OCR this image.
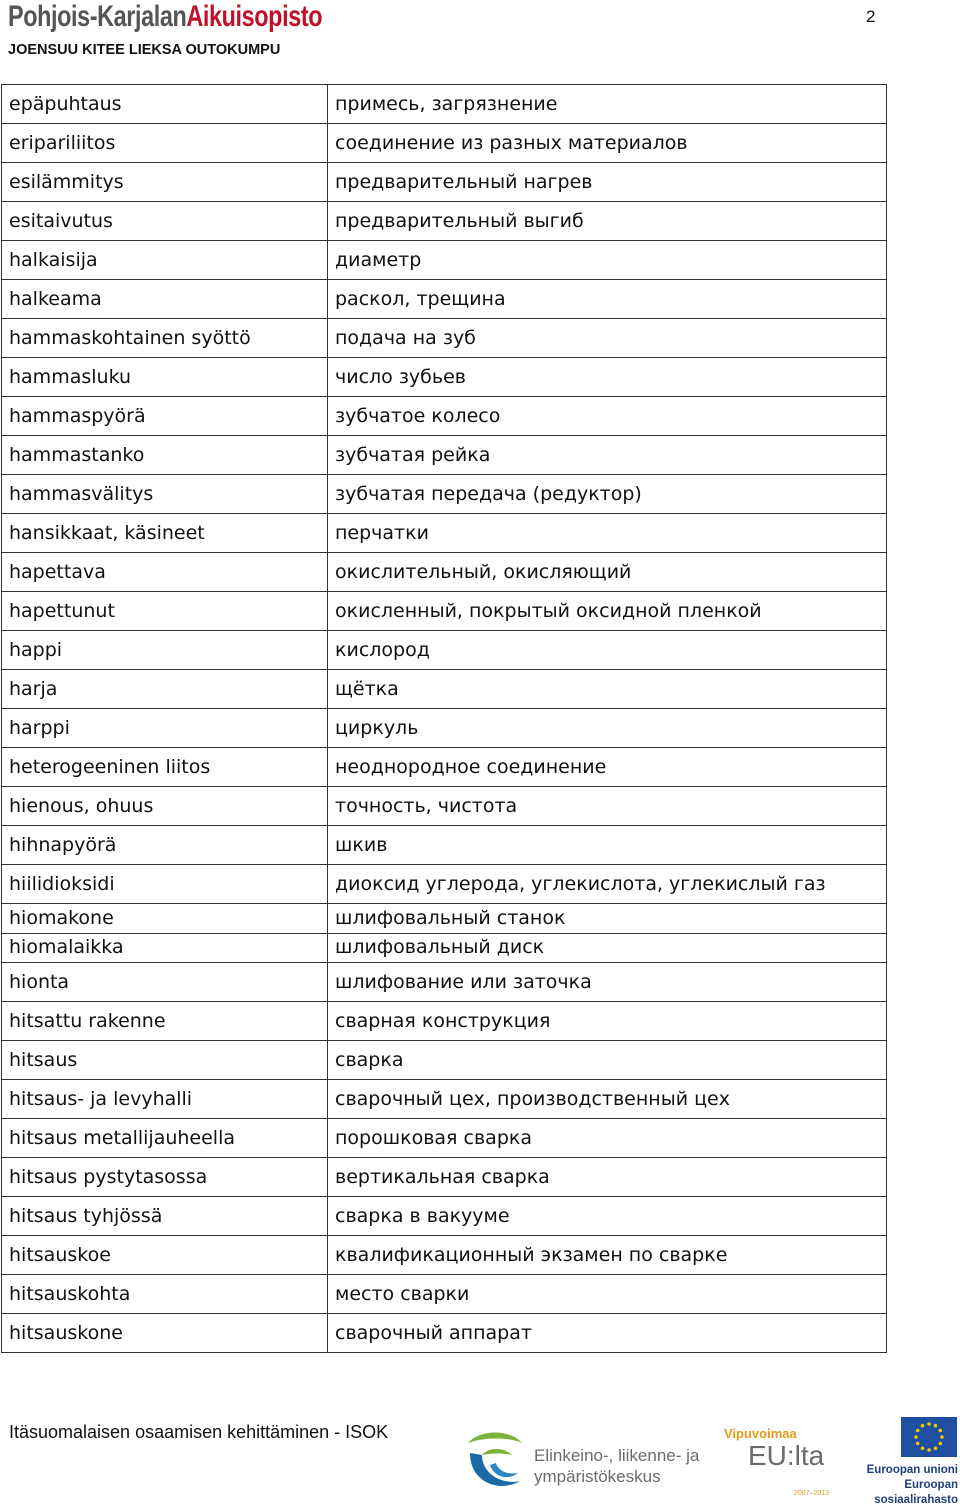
Pohjois-KarjalanAikuisopisto
JOENSUU KITEE LIEKSA OUTOKUMPU
2
epäpuhtaus	примесь, загрязнение
eripariliitos	соединение из разных материалов
esilämmitys	предварительный нагрев
esitaivutus	предварительный выгиб
halkaisija	диаметр
halkeama	раскол, трещина
hammaskohtainen syöttö	подача на зуб
hammasluku	число зубьев
hammaspyörä	зубчатое колесо
hammastanko	зубчатая рейка
hammasvälitys	зубчатая передача (редуктор)
hansikkaat, käsineet	перчатки
hapettava	окислительный, окисляющий
hapettunut	окисленный, покрытый оксидной пленкой
happi	кислород
harja	щётка
harppi	циркуль
heterogeeninen liitos	неоднородное соединение
hienous, ohuus	точность, чистота
hihnapyörä	шкив
hiilidioksidi	диоксид углерода, углекислота, углекислый газ
hiomakone	шлифовальный станок
hiomalaikka	шлифовальный диск
hionta	шлифование или заточка
hitsattu rakenne	сварная конструкция
hitsaus	сварка
hitsaus- ja levyhalli	сварочный цех, производственный цех
hitsaus metallijauheella	порошковая сварка
hitsaus pystytasossa	вертикальная сварка
hitsaus tyhjössä	сварка в вакууме
hitsauskoe	квалификационный экзамен по сварке
hitsauskohta	место сварки
hitsauskone	сварочный аппарат
Itäsuomalaisen osaamisen kehittäminen - ISOK
Elinkeino-, liikenne- ja
ympäristökeskus
Vipuvoimaa
EU:lta
2007–2013
Euroopan unioni
Euroopan sosiaalirahasto
